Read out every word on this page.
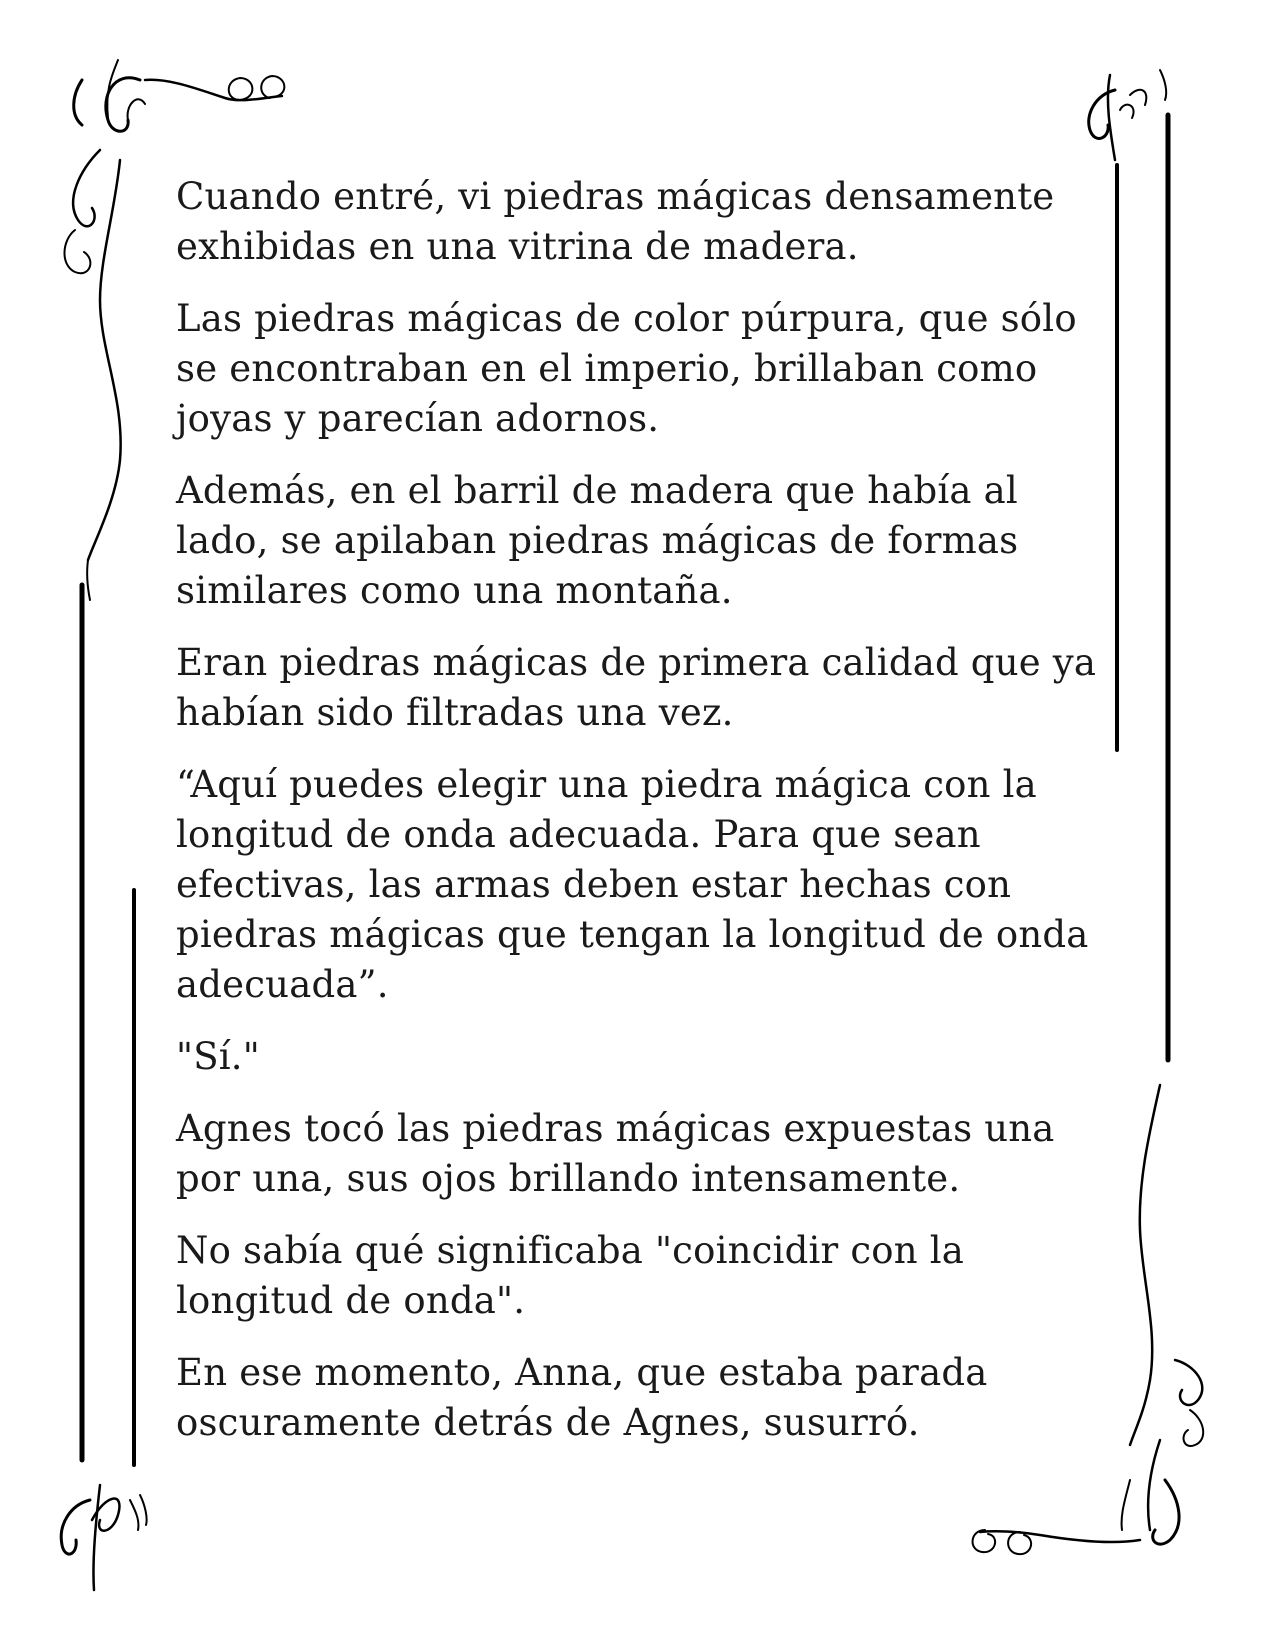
Cuando entré, vi piedras mágicas densamente exhibidas en una vitrina de madera.

Las piedras mágicas de color púrpura, que sólo se encontraban en el imperio, brillaban como joyas y parecían adornos.

Además, en el barril de madera que había al lado, se apilaban piedras mágicas de formas similares como una montaña.

Eran piedras mágicas de primera calidad que ya habían sido filtradas una vez.

“Aquí puedes elegir una piedra mágica con la longitud de onda adecuada. Para que sean efectivas, las armas deben estar hechas con piedras mágicas que tengan la longitud de onda adecuada”.

"Sí."

Agnes tocó las piedras mágicas expuestas una por una, sus ojos brillando intensamente.

No sabía qué significaba "coincidir con la longitud de onda".

En ese momento, Anna, que estaba parada oscuramente detrás de Agnes, susurró.
